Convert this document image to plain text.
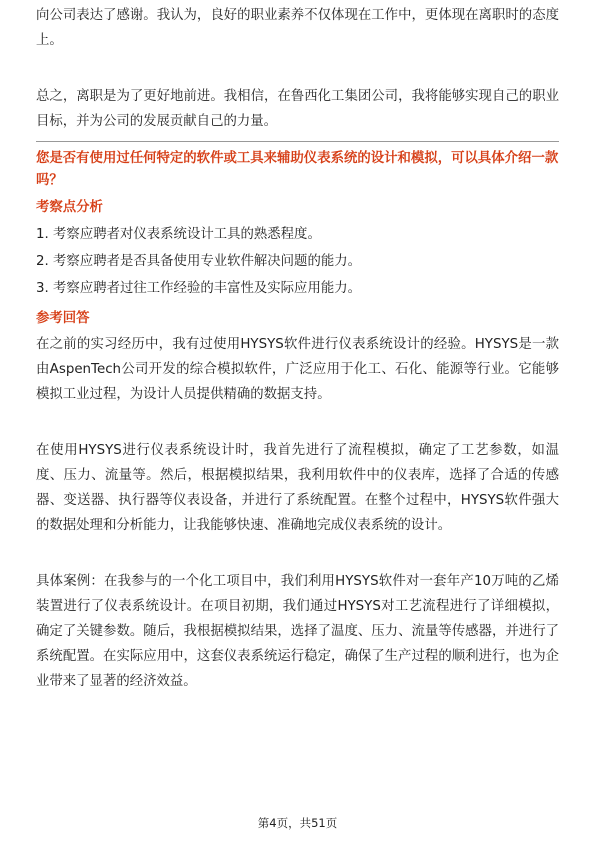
向公司表达了感谢。我认为，良好的职业素养不仅体现在工作中，更体现在离职时的态度上。

总之，离职是为了更好地前进。我相信，在鲁西化工集团公司，我将能够实现自己的职业目标，并为公司的发展贡献自己的力量。

您是否有使用过任何特定的软件或工具来辅助仪表系统的设计和模拟，可以具体介绍一款吗？

考察点分析

1. 考察应聘者对仪表系统设计工具的熟悉程度。

2. 考察应聘者是否具备使用专业软件解决问题的能力。

3. 考察应聘者过往工作经验的丰富性及实际应用能力。

参考回答

在之前的实习经历中，我有过使用HYSYS软件进行仪表系统设计的经验。HYSYS是一款由AspenTech公司开发的综合模拟软件，广泛应用于化工、石化、能源等行业。它能够模拟工业过程，为设计人员提供精确的数据支持。

在使用HYSYS进行仪表系统设计时，我首先进行了流程模拟，确定了工艺参数，如温度、压力、流量等。然后，根据模拟结果，我利用软件中的仪表库，选择了合适的传感器、变送器、执行器等仪表设备，并进行了系统配置。在整个过程中，HYSYS软件强大的数据处理和分析能力，让我能够快速、准确地完成仪表系统的设计。

具体案例：在我参与的一个化工项目中，我们利用HYSYS软件对一套年产10万吨的乙烯装置进行了仪表系统设计。在项目初期，我们通过HYSYS对工艺流程进行了详细模拟，确定了关键参数。随后，我根据模拟结果，选择了温度、压力、流量等传感器，并进行了系统配置。在实际应用中，这套仪表系统运行稳定，确保了生产过程的顺利进行，也为企业带来了显著的经济效益。

第4页，共51页
